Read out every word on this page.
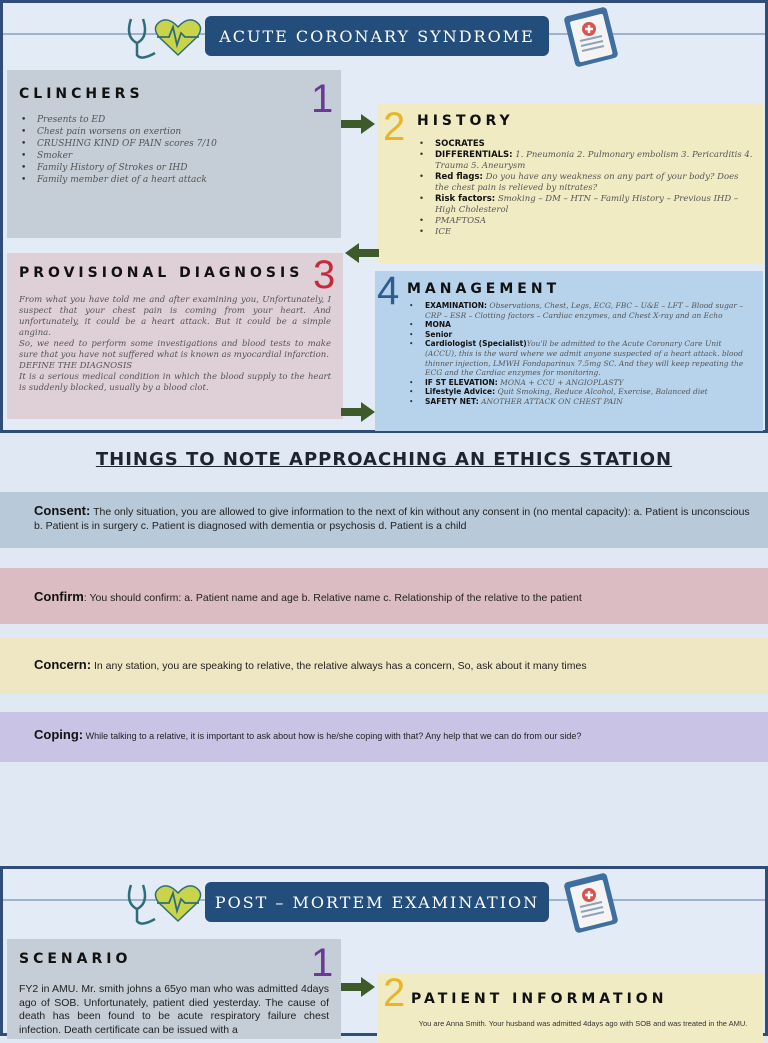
ACUTE CORONARY SYNDROME
CLINCHERS
• Presents to ED
• Chest pain worsens on exertion
• CRUSHING KIND OF PAIN scores 7/10
• Smoker
• Family History of Strokes or IHD
• Family member diet of a heart attack
1	HISTORY
• SOCRATES
• DIFFERENTIALS: 1. Pneumonia 2. Pulmonary embolism 3. Pericarditis 4. Trauma 5. Aneurysm
• Red flags: Do you have any weakness on any part of your body? Does the chest pain is relieved by nitrates?
• Risk factors: Smoking – DM – HTN – Family History – Previous IHD –High Cholesterol
• PMAFTOSA
• ICE
2
PROVISIONAL DIAGNOSIS
From what you have told me and after examining you, Unfortunately, I suspect that your chest pain is coming from your heart. And unfortunately, it could be a heart attack. But it could be a simple angina.
So, we need to perform some investigations and blood tests to make sure that you have not suffered what is known as myocardial infarction.
DEFINE THE DIAGNOSIS
It is a serious medical condition in which the blood supply to the heart is suddenly blocked, usually by a blood clot.
3	MANAGEMENT
• EXAMINATION: Observations, Chest, Legs, ECG, FBC – U&E – LFT – Blood sugar – CRP – ESR – Clotting factors – Cardiac enzymes, and Chest X-ray and an Echo
• MONA
• Senior
• Cardiologist (Specialist)You'll be admitted to the Acute Coronary Care Unit (ACCU), this is the ward where we admit anyone suspected of a heart attack. blood thinner injection, LMWH Fondaparinux 7.5mg SC. And they will keep repeating the ECG and the Cardiac enzymes for monitoring.
• IF ST ELEVATION: MONA + CCU + ANGIOPLASTY
• Lifestyle Advice: Quit Smoking, Reduce Alcohol, Exercise, Balanced diet
• SAFETY NET: ANOTHER ATTACK ON CHEST PAIN
4
THINGS TO NOTE APPROACHING AN ETHICS STATION
Consent: The only situation, you are allowed to give information to the next of kin without any consent in (no mental capacity): a. Patient is unconscious b. Patient is in surgery c. Patient is diagnosed with dementia or psychosis d. Patient is a child
Confirm: You should confirm: a. Patient name and age b. Relative name c. Relationship of the relative to the patient
Concern: In any station, you are speaking to relative, the relative always has a concern, So, ask about it many times
Coping: While talking to a relative, it is important to ask about how is he/she coping with that? Any help that we can do from our side?
POST – MORTEM EXAMINATION
SCENARIO
FY2 in AMU. Mr. smith johns a 65yo man who was admitted 4days ago of SOB. Unfortunately, patient died yesterday. The cause of death has been found to be acute respiratory failure chest infection. Death certificate can be issued with a
1
PATIENT INFORMATION
You are Anna Smith. Your husband was admitted 4days ago with SOB and was treated in the AMU.
2
